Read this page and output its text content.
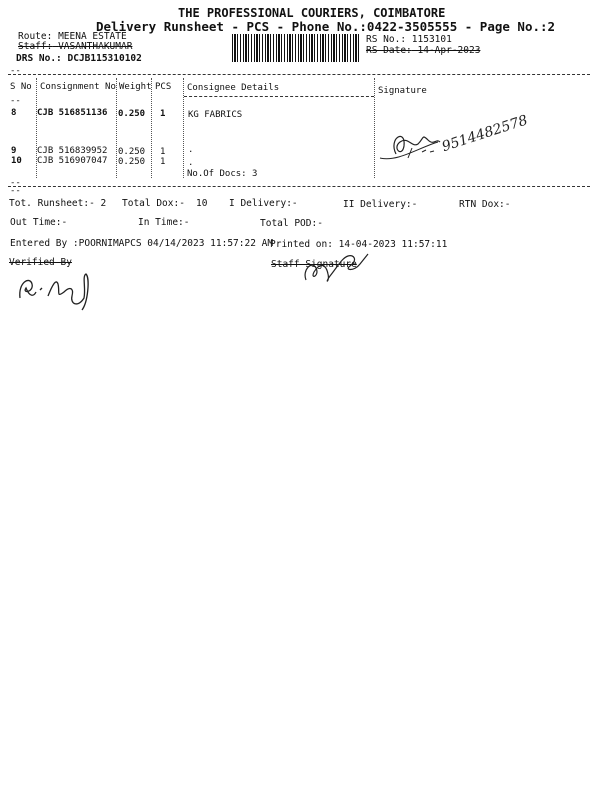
THE PROFESSIONAL COURIERS, COIMBATORE
Delivery Runsheet - PCS - Phone No.:0422-3505555 - Page No.:2
Route: MEENA ESTATE
Staff: VASANTHAKUMAR
DRS No.: DCJB115310102
RS No.: 1153101
RS Date: 14-Apr-2023
--
S No Consignment No Weight PCS Consignee Details	Signature
--
8 CJB 516851136 0.250 1	KG FABRICS
9 CJB 516839952 0.250 1	.
10 CJB 516907047 0.250 1	.
No.Of Docs: 3
9514482578
--
--
Tot. Runsheet:- 2 Total Dox:- 10 I Delivery:-	II Delivery:-	RTN Dox:-
Out Time:-	In Time:-	Total POD:-
Entered By :POORNIMAPCS 04/14/2023 11:57:22 AM
Printed on: 14-04-2023 11:57:11
Verified By	Staff Signature
